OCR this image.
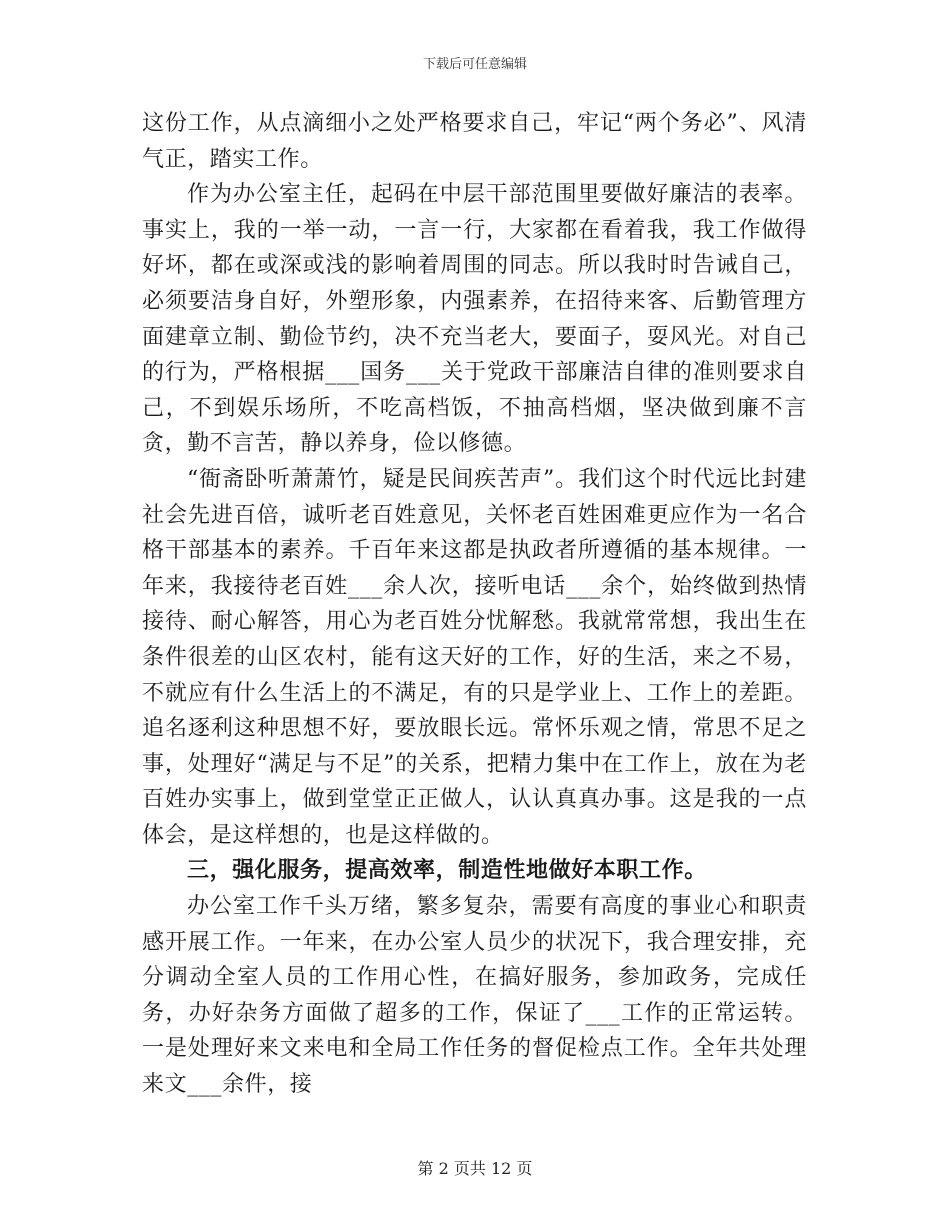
下载后可任意编辑

这份工作，从点滴细小之处严格要求自己，牢记“两个务必”、风清气正，踏实工作。

作为办公室主任，起码在中层干部范围里要做好廉洁的表率。事实上，我的一举一动，一言一行，大家都在看着我，我工作做得好坏，都在或深或浅的影响着周围的同志。所以我时时告诫自己，必须要洁身自好，外塑形象，内强素养，在招待来客、后勤管理方面建章立制、勤俭节约，决不充当老大，要面子，耍风光。对自己的行为，严格根据___国务___关于党政干部廉洁自律的准则要求自己，不到娱乐场所，不吃高档饭，不抽高档烟，坚决做到廉不言贪，勤不言苦，静以养身，俭以修德。

“衙斋卧听萧萧竹，疑是民间疾苦声”。我们这个时代远比封建社会先进百倍，诚听老百姓意见，关怀老百姓困难更应作为一名合格干部基本的素养。千百年来这都是执政者所遵循的基本规律。一年来，我接待老百姓___余人次，接听电话___余个，始终做到热情接待、耐心解答，用心为老百姓分忧解愁。我就常常想，我出生在条件很差的山区农村，能有这天好的工作，好的生活，来之不易，不就应有什么生活上的不满足，有的只是学业上、工作上的差距。追名逐利这种思想不好，要放眼长远。常怀乐观之情，常思不足之事，处理好“满足与不足”的关系，把精力集中在工作上，放在为老百姓办实事上，做到堂堂正正做人，认认真真办事。这是我的一点体会，是这样想的，也是这样做的。

三，强化服务，提高效率，制造性地做好本职工作。

办公室工作千头万绪，繁多复杂，需要有高度的事业心和职责感开展工作。一年来，在办公室人员少的状况下，我合理安排，充分调动全室人员的工作用心性，在搞好服务，参加政务，完成任务，办好杂务方面做了超多的工作，保证了___工作的正常运转。一是处理好来文来电和全局工作任务的督促检点工作。全年共处理来文___余件，接

第 2 页共 12 页
